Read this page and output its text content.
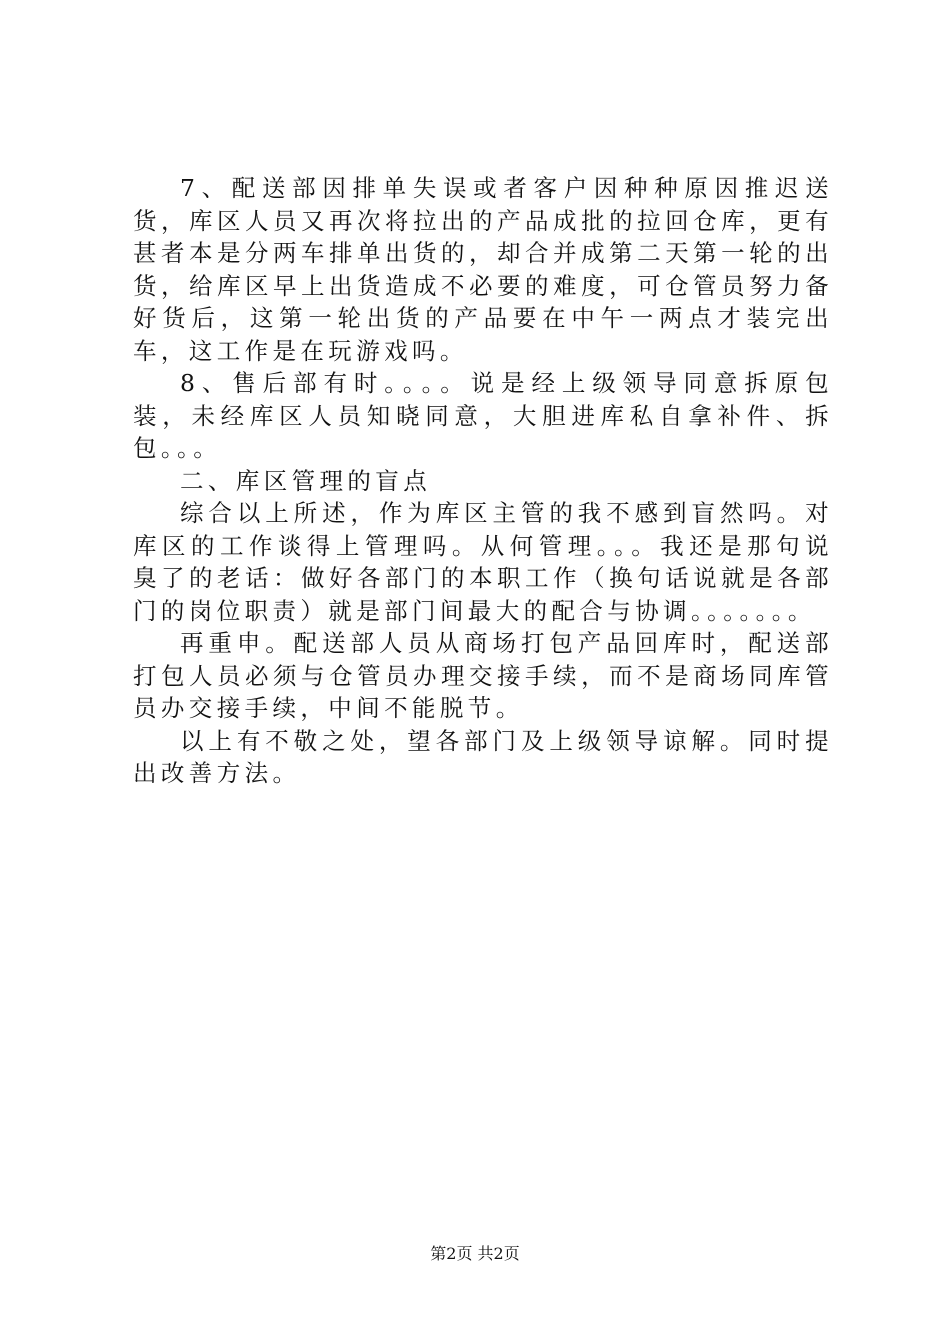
7、配送部因排单失误或者客户因种种原因推迟送货，库区人员又再次将拉出的产品成批的拉回仓库，更有甚者本是分两车排单出货的，却合并成第二天第一轮的出货，给库区早上出货造成不必要的难度，可仓管员努力备好货后，这第一轮出货的产品要在中午一两点才装完出车，这工作是在玩游戏吗。

8、售后部有时。。。。说是经上级领导同意拆原包装，未经库区人员知晓同意，大胆进库私自拿补件、拆包。。。

二、库区管理的盲点

综合以上所述，作为库区主管的我不感到盲然吗。对库区的工作谈得上管理吗。从何管理。。。我还是那句说臭了的老话：做好各部门的本职工作（换句话说就是各部门的岗位职责）就是部门间最大的配合与协调。。。。。。。

再重申。配送部人员从商场打包产品回库时，配送部打包人员必须与仓管员办理交接手续，而不是商场同库管员办交接手续，中间不能脱节。

以上有不敬之处，望各部门及上级领导谅解。同时提出改善方法。

第2页 共2页
